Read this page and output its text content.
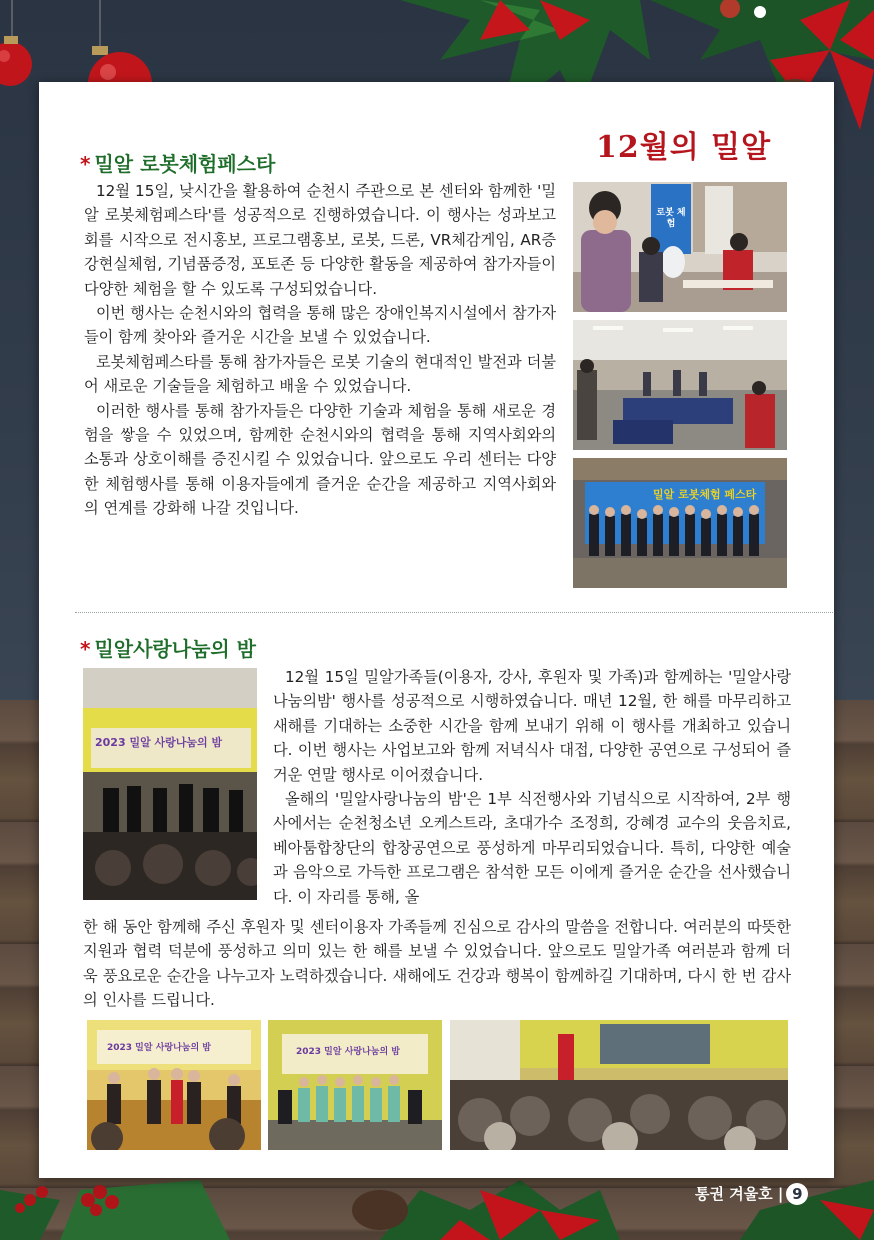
12월의 밀알
* 밀알 로봇체험페스타

12월 15일, 낮시간을 활용하여 순천시 주관으로 본 센터와 함께한 '밀알 로봇체험페스타'를 성공적으로 진행하였습니다. 이 행사는 성과보고회를 시작으로 전시홍보, 프로그램홍보, 로봇, 드론, VR체감게임, AR증강현실체험, 기념품증정, 포토존 등 다양한 활동을 제공하여 참가자들이 다양한 체험을 할 수 있도록 구성되었습니다.

이번 행사는 순천시와의 협력을 통해 많은 장애인복지시설에서 참가자들이 함께 찾아와 즐거운 시간을 보낼 수 있었습니다.

로봇체험페스타를 통해 참가자들은 로봇 기술의 현대적인 발전과 더불어 새로운 기술들을 체험하고 배울 수 있었습니다.

이러한 행사를 통해 참가자들은 다양한 기술과 체험을 통해 새로운 경험을 쌓을 수 있었으며, 함께한 순천시와의 협력을 통해 지역사회와의 소통과 상호이해를 증진시킬 수 있었습니다. 앞으로도 우리 센터는 다양한 체험행사를 통해 이용자들에게 즐거운 순간을 제공하고 지역사회와의 연계를 강화해 나갈 것입니다.

로봇 체험
밀알 로봇체험 페스타
* 밀알사랑나눔의 밤
2023 밀알 사랑나눔의 밤

12월 15일 밀알가족들(이용자, 강사, 후원자 및 가족)과 함께하는 '밀알사랑나눔의밤' 행사를 성공적으로 시행하였습니다. 매년 12월, 한 해를 마무리하고 새해를 기대하는 소중한 시간을 함께 보내기 위해 이 행사를 개최하고 있습니다. 이번 행사는 사업보고와 함께 저녁식사 대접, 다양한 공연으로 구성되어 즐거운 연말 행사로 이어졌습니다.

올해의 '밀알사랑나눔의 밤'은 1부 식전행사와 기념식으로 시작하여, 2부 행사에서는 순천청소년 오케스트라, 초대가수 조정희, 강혜경 교수의 웃음치료, 베아툼합창단의 합창공연으로 풍성하게 마무리되었습니다. 특히, 다양한 예술과 음악으로 가득한 프로그램은 참석한 모든 이에게 즐거운 순간을 선사했습니다. 이 자리를 통해, 올

한 해 동안 함께해 주신 후원자 및 센터이용자 가족들께 진심으로 감사의 말씀을 전합니다. 여러분의 따뜻한 지원과 협력 덕분에 풍성하고 의미 있는 한 해를 보낼 수 있었습니다. 앞으로도 밀알가족 여러분과 함께 더욱 풍요로운 순간을 나누고자 노력하겠습니다. 새해에도 건강과 행복이 함께하길 기대하며, 다시 한 번 감사의 인사를 드립니다.

2023 밀알 사랑나눔의 밤	2023 밀알 사랑나눔의 밤
통권 겨울호 | 9
